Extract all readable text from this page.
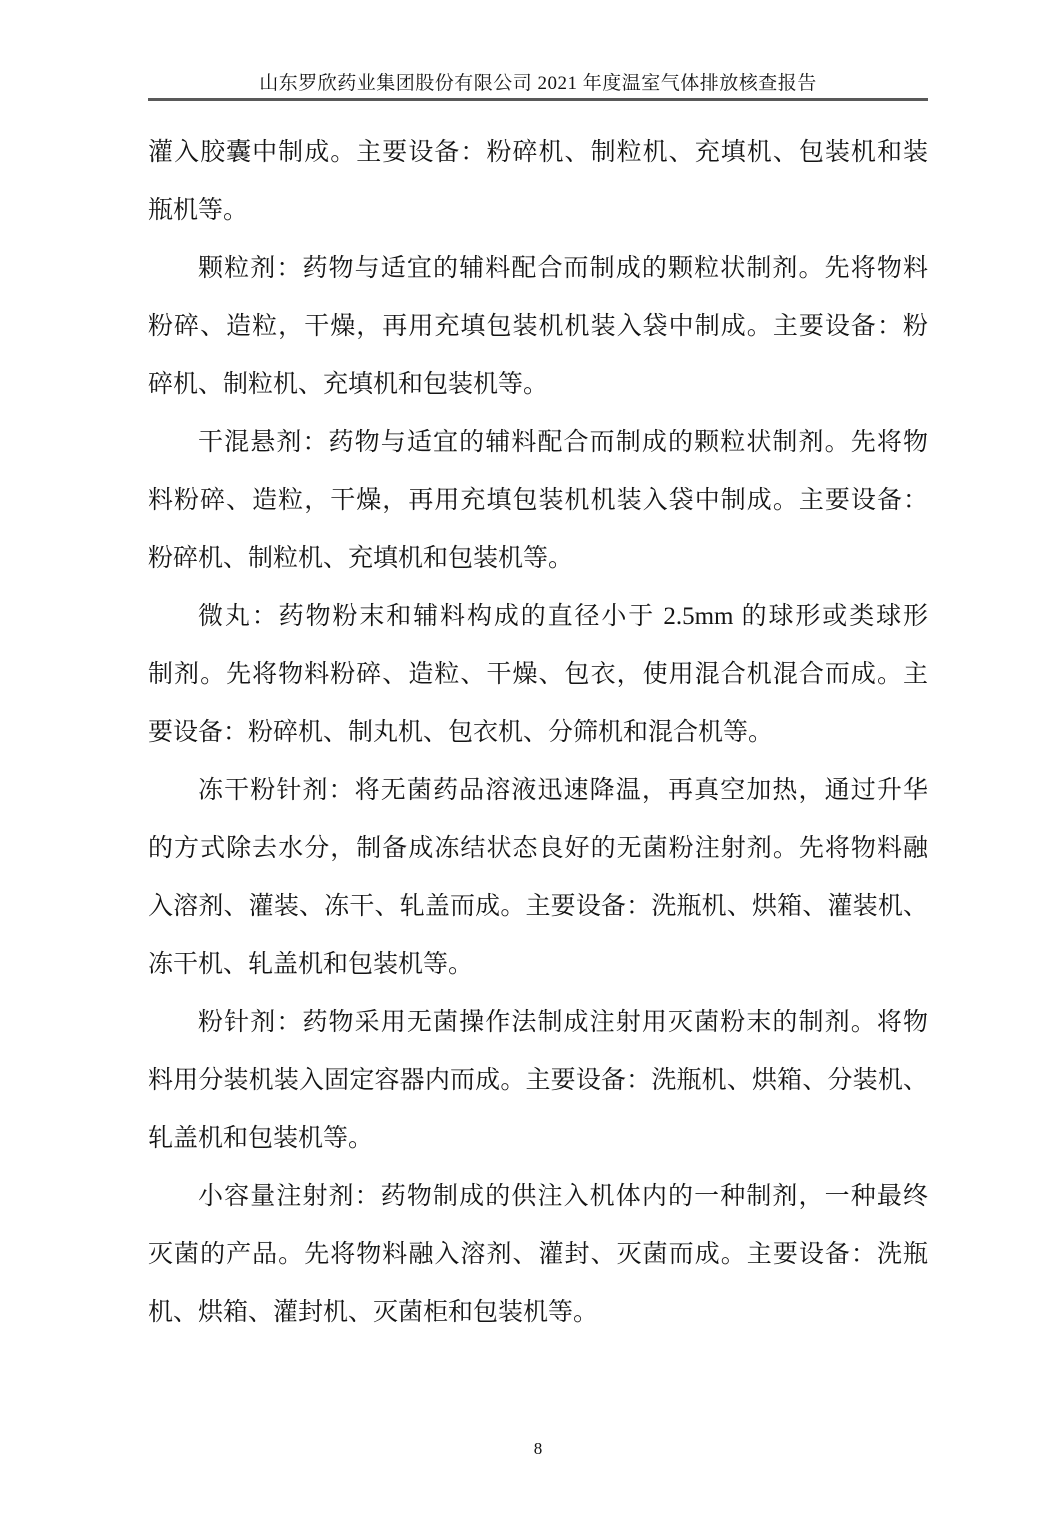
山东罗欣药业集团股份有限公司 2021 年度温室气体排放核查报告
灌入胶囊中制成。主要设备：粉碎机、制粒机、充填机、包装机和装
瓶机等。
颗粒剂：药物与适宜的辅料配合而制成的颗粒状制剂。先将物料
粉碎、造粒，干燥，再用充填包装机机装入袋中制成。主要设备：粉
碎机、制粒机、充填机和包装机等。
干混悬剂：药物与适宜的辅料配合而制成的颗粒状制剂。先将物
料粉碎、造粒，干燥，再用充填包装机机装入袋中制成。主要设备：
粉碎机、制粒机、充填机和包装机等。
微丸：药物粉末和辅料构成的直径小于 2.5mm 的球形或类球形
制剂。先将物料粉碎、造粒、干燥、包衣，使用混合机混合而成。主
要设备：粉碎机、制丸机、包衣机、分筛机和混合机等。
冻干粉针剂：将无菌药品溶液迅速降温，再真空加热，通过升华
的方式除去水分，制备成冻结状态良好的无菌粉注射剂。先将物料融
入溶剂、灌装、冻干、轧盖而成。主要设备：洗瓶机、烘箱、灌装机、
冻干机、轧盖机和包装机等。
粉针剂：药物采用无菌操作法制成注射用灭菌粉末的制剂。将物
料用分装机装入固定容器内而成。主要设备：洗瓶机、烘箱、分装机、
轧盖机和包装机等。
小容量注射剂：药物制成的供注入机体内的一种制剂，一种最终
灭菌的产品。先将物料融入溶剂、灌封、灭菌而成。主要设备：洗瓶
机、烘箱、灌封机、灭菌柜和包装机等。
8
